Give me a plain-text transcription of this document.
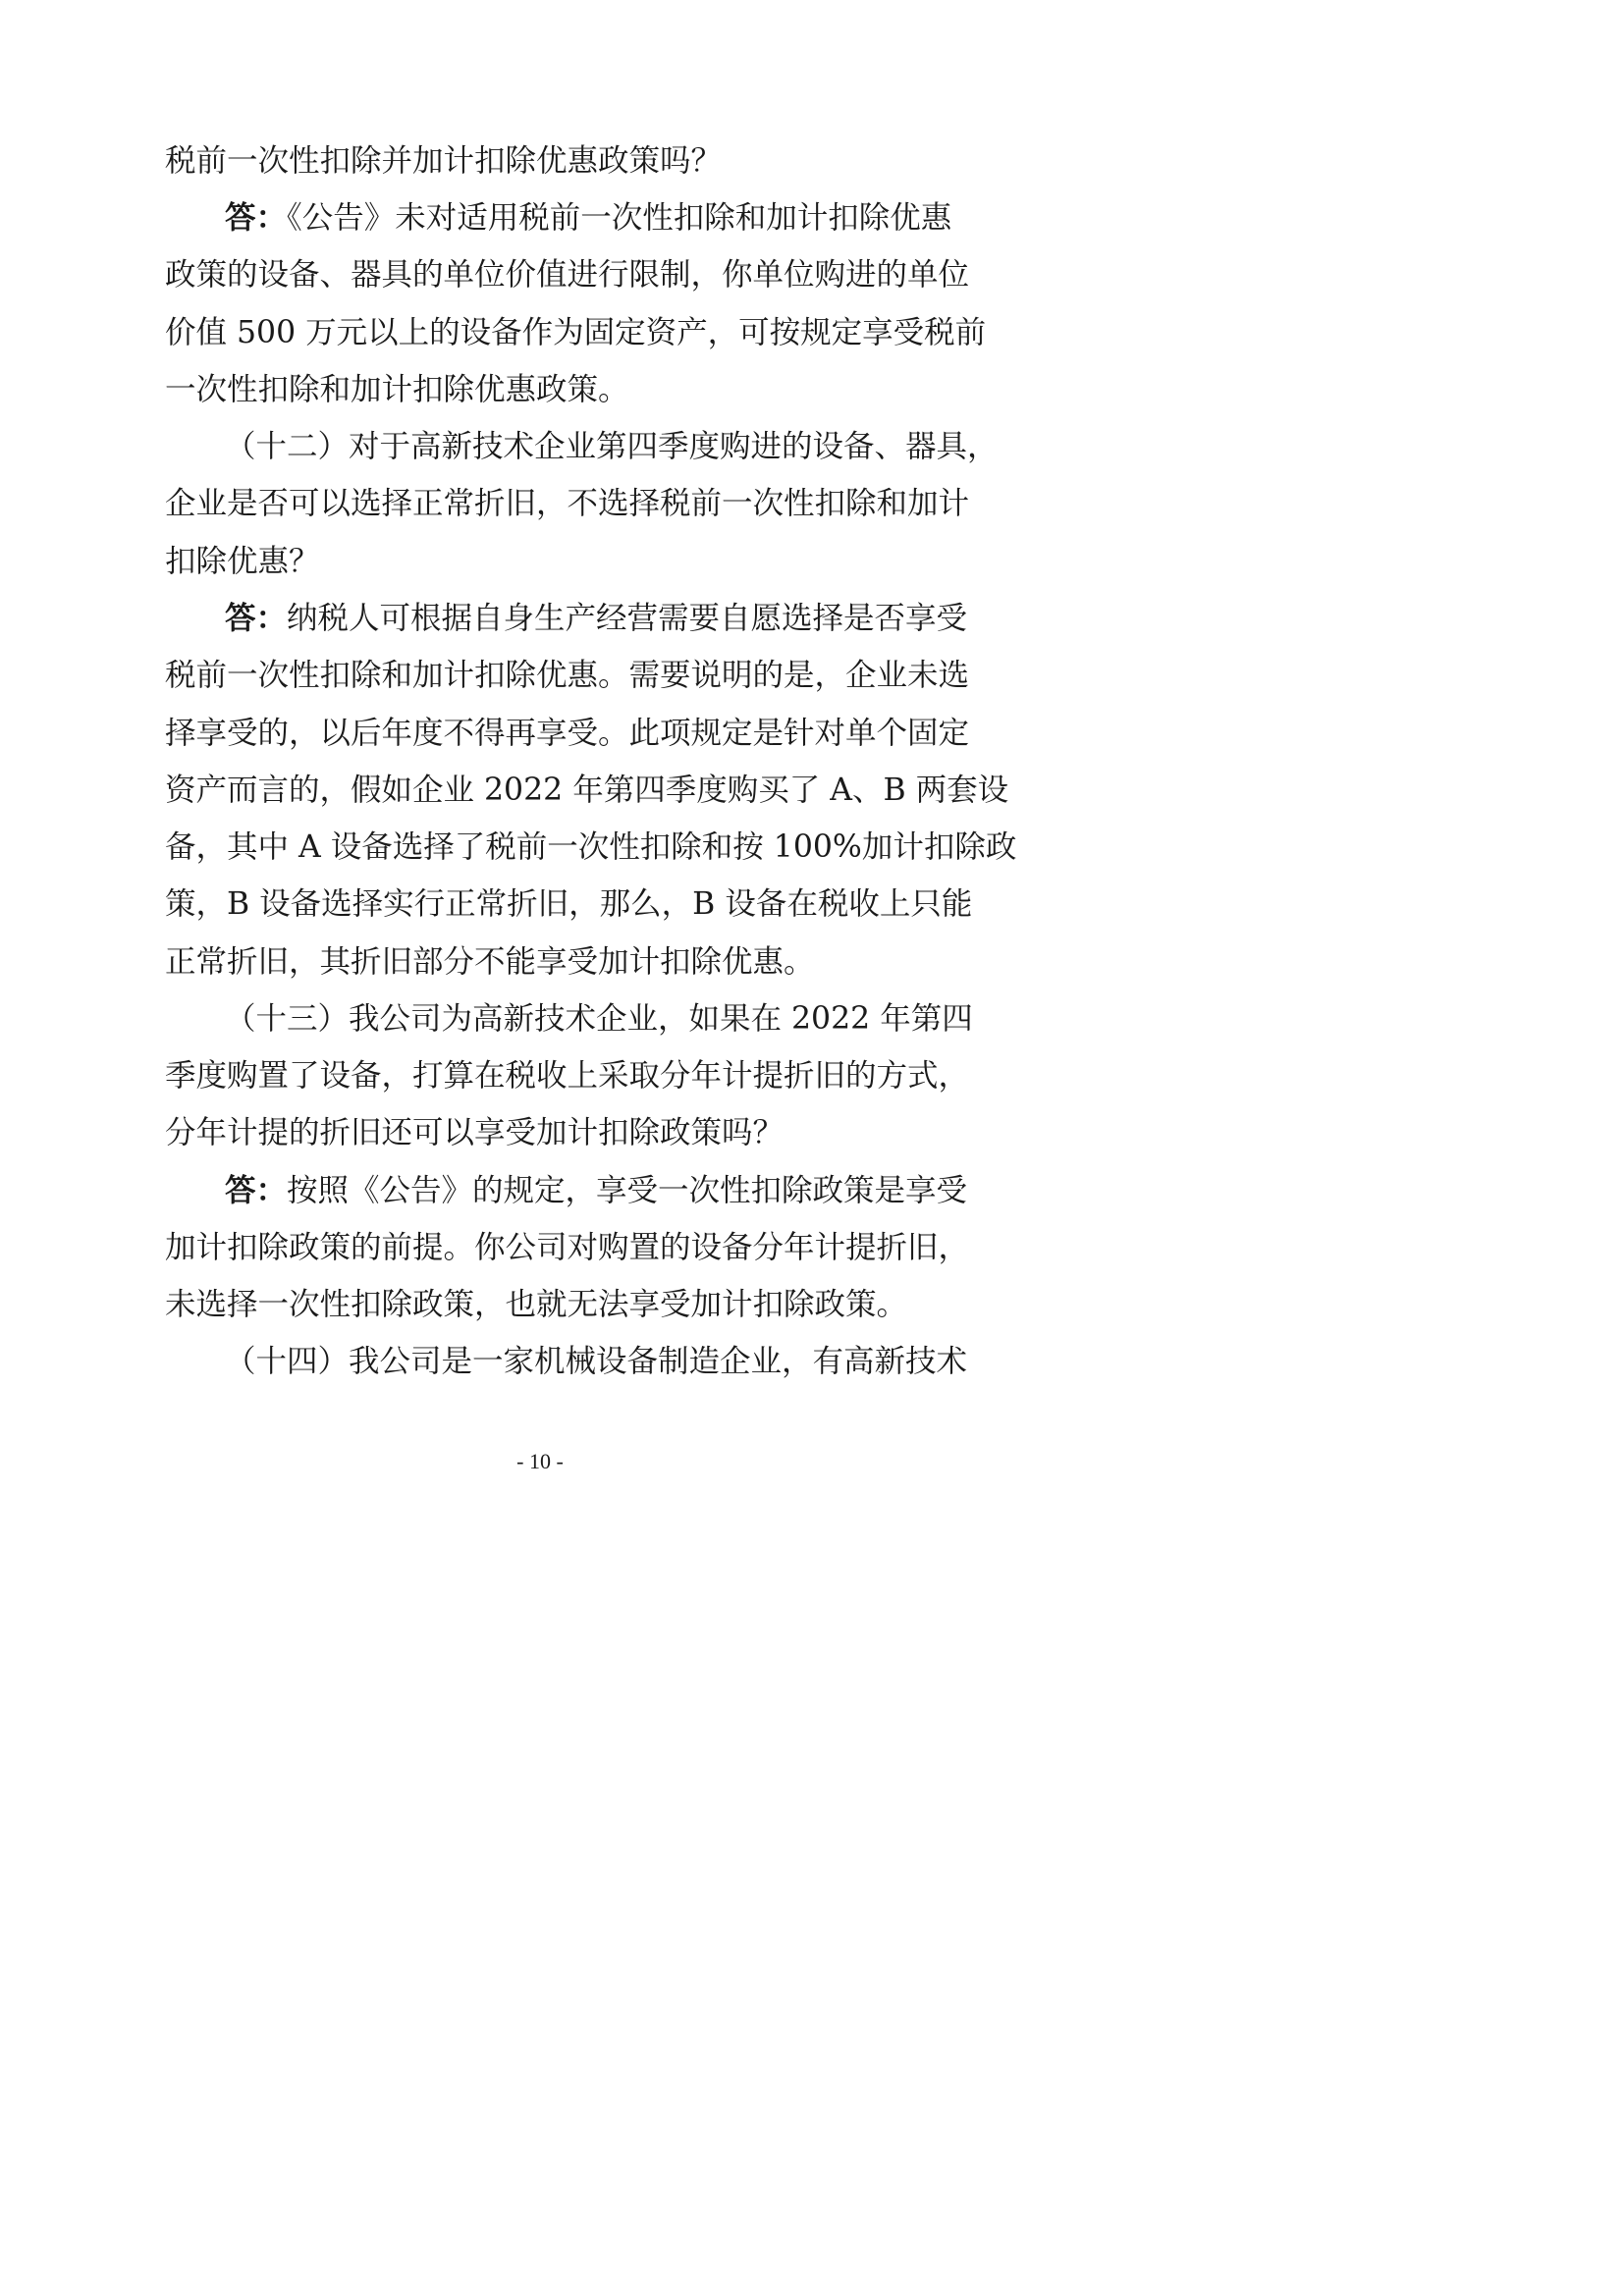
税前一次性扣除并加计扣除优惠政策吗？
答：《公告》未对适用税前一次性扣除和加计扣除优惠
政策的设备、器具的单位价值进行限制，你单位购进的单位
价值 500 万元以上的设备作为固定资产，可按规定享受税前
一次性扣除和加计扣除优惠政策。
（十二）对于高新技术企业第四季度购进的设备、器具，
企业是否可以选择正常折旧，不选择税前一次性扣除和加计
扣除优惠？
答：纳税人可根据自身生产经营需要自愿选择是否享受
税前一次性扣除和加计扣除优惠。需要说明的是，企业未选
择享受的，以后年度不得再享受。此项规定是针对单个固定
资产而言的，假如企业 2022 年第四季度购买了 A、B 两套设
备，其中 A 设备选择了税前一次性扣除和按 100%加计扣除政
策，B 设备选择实行正常折旧，那么，B 设备在税收上只能
正常折旧，其折旧部分不能享受加计扣除优惠。
（十三）我公司为高新技术企业，如果在 2022 年第四
季度购置了设备，打算在税收上采取分年计提折旧的方式，
分年计提的折旧还可以享受加计扣除政策吗？
答：按照《公告》的规定，享受一次性扣除政策是享受
加计扣除政策的前提。你公司对购置的设备分年计提折旧，
未选择一次性扣除政策，也就无法享受加计扣除政策。
（十四）我公司是一家机械设备制造企业，有高新技术
- 10 -
